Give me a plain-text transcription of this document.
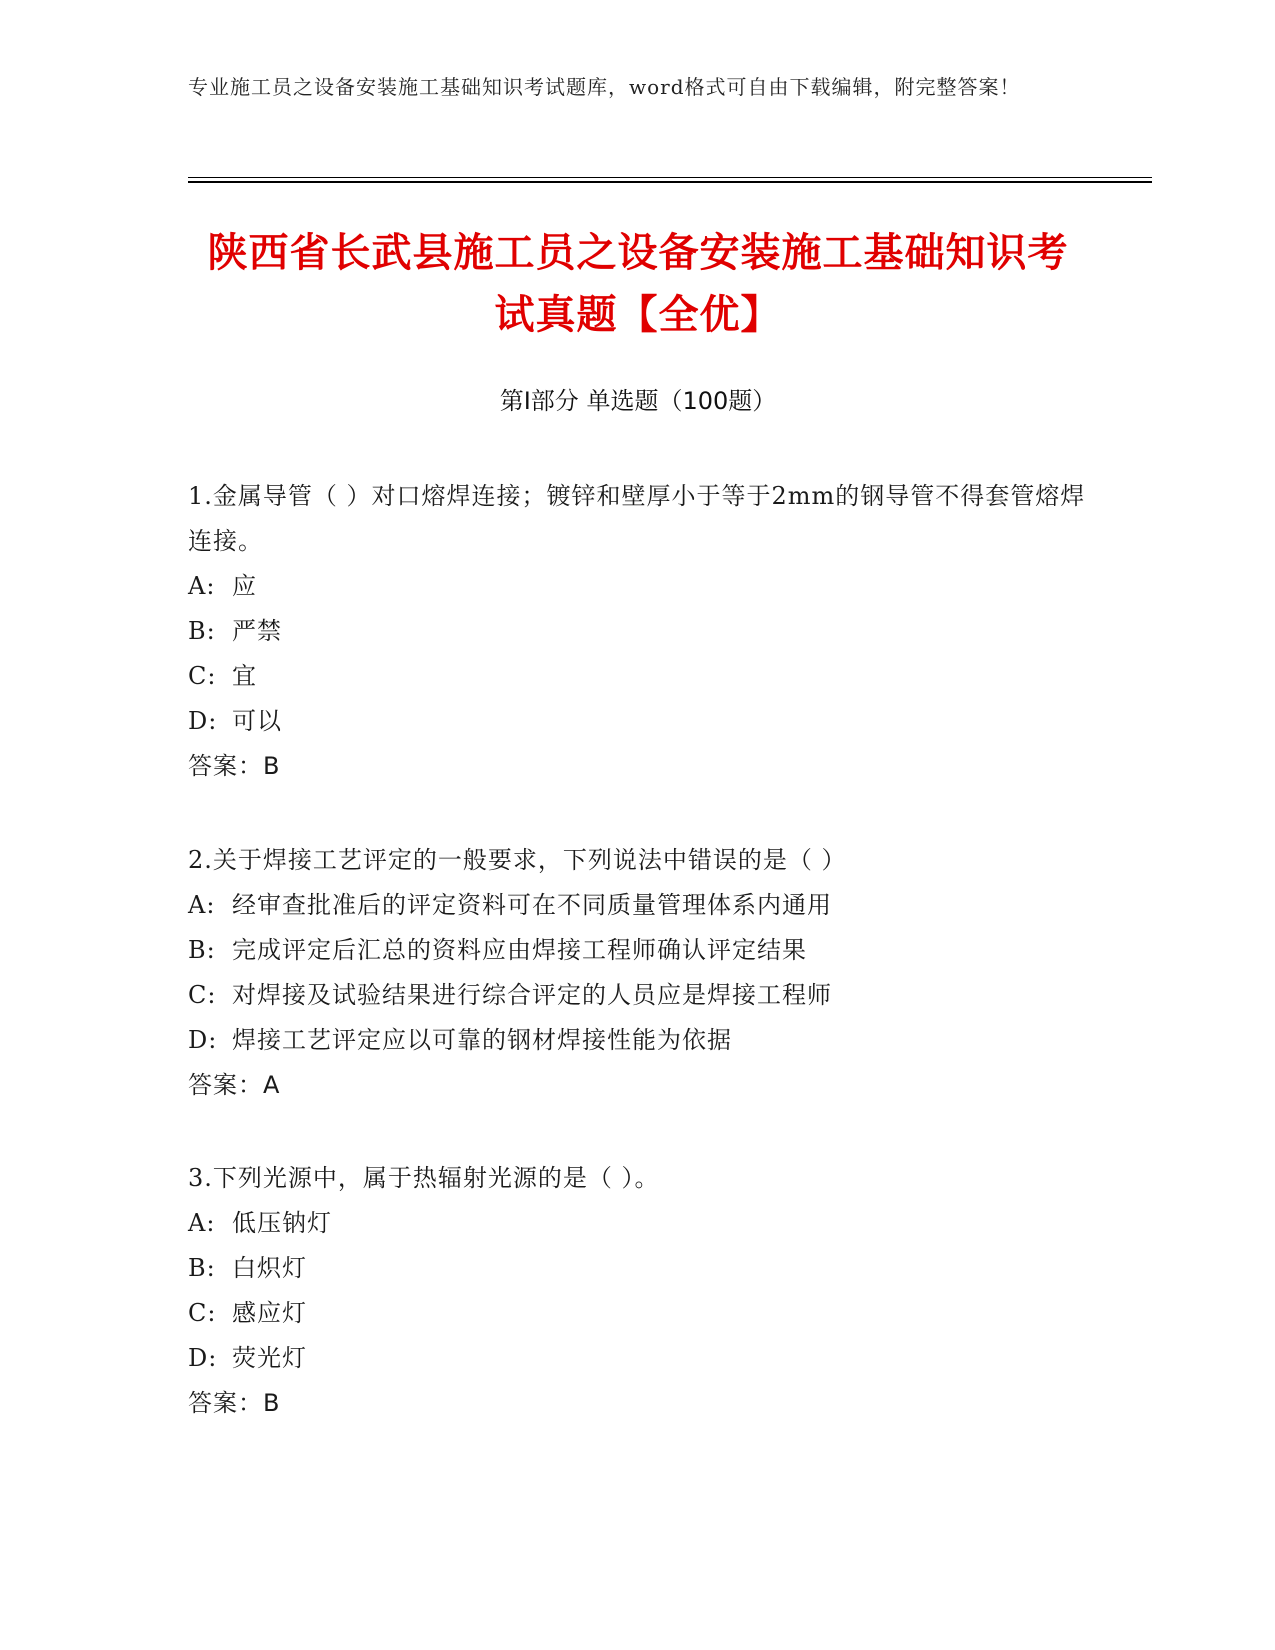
专业施工员之设备安装施工基础知识考试题库，word格式可自由下载编辑，附完整答案！
陕西省长武县施工员之设备安装施工基础知识考试真题【全优】
第Ⅰ部分 单选题（100题）

1.金属导管（ ）对口熔焊连接；镀锌和壁厚小于等于2mm的钢导管不得套管熔焊连接。

A: 应

B: 严禁

C: 宜

D: 可以

答案：B

2.关于焊接工艺评定的一般要求，下列说法中错误的是（ ）

A: 经审查批准后的评定资料可在不同质量管理体系内通用

B: 完成评定后汇总的资料应由焊接工程师确认评定结果

C: 对焊接及试验结果进行综合评定的人员应是焊接工程师

D: 焊接工艺评定应以可靠的钢材焊接性能为依据

答案：A

3.下列光源中，属于热辐射光源的是（ ）。

A: 低压钠灯

B: 白炽灯

C: 感应灯

D: 荧光灯

答案：B
